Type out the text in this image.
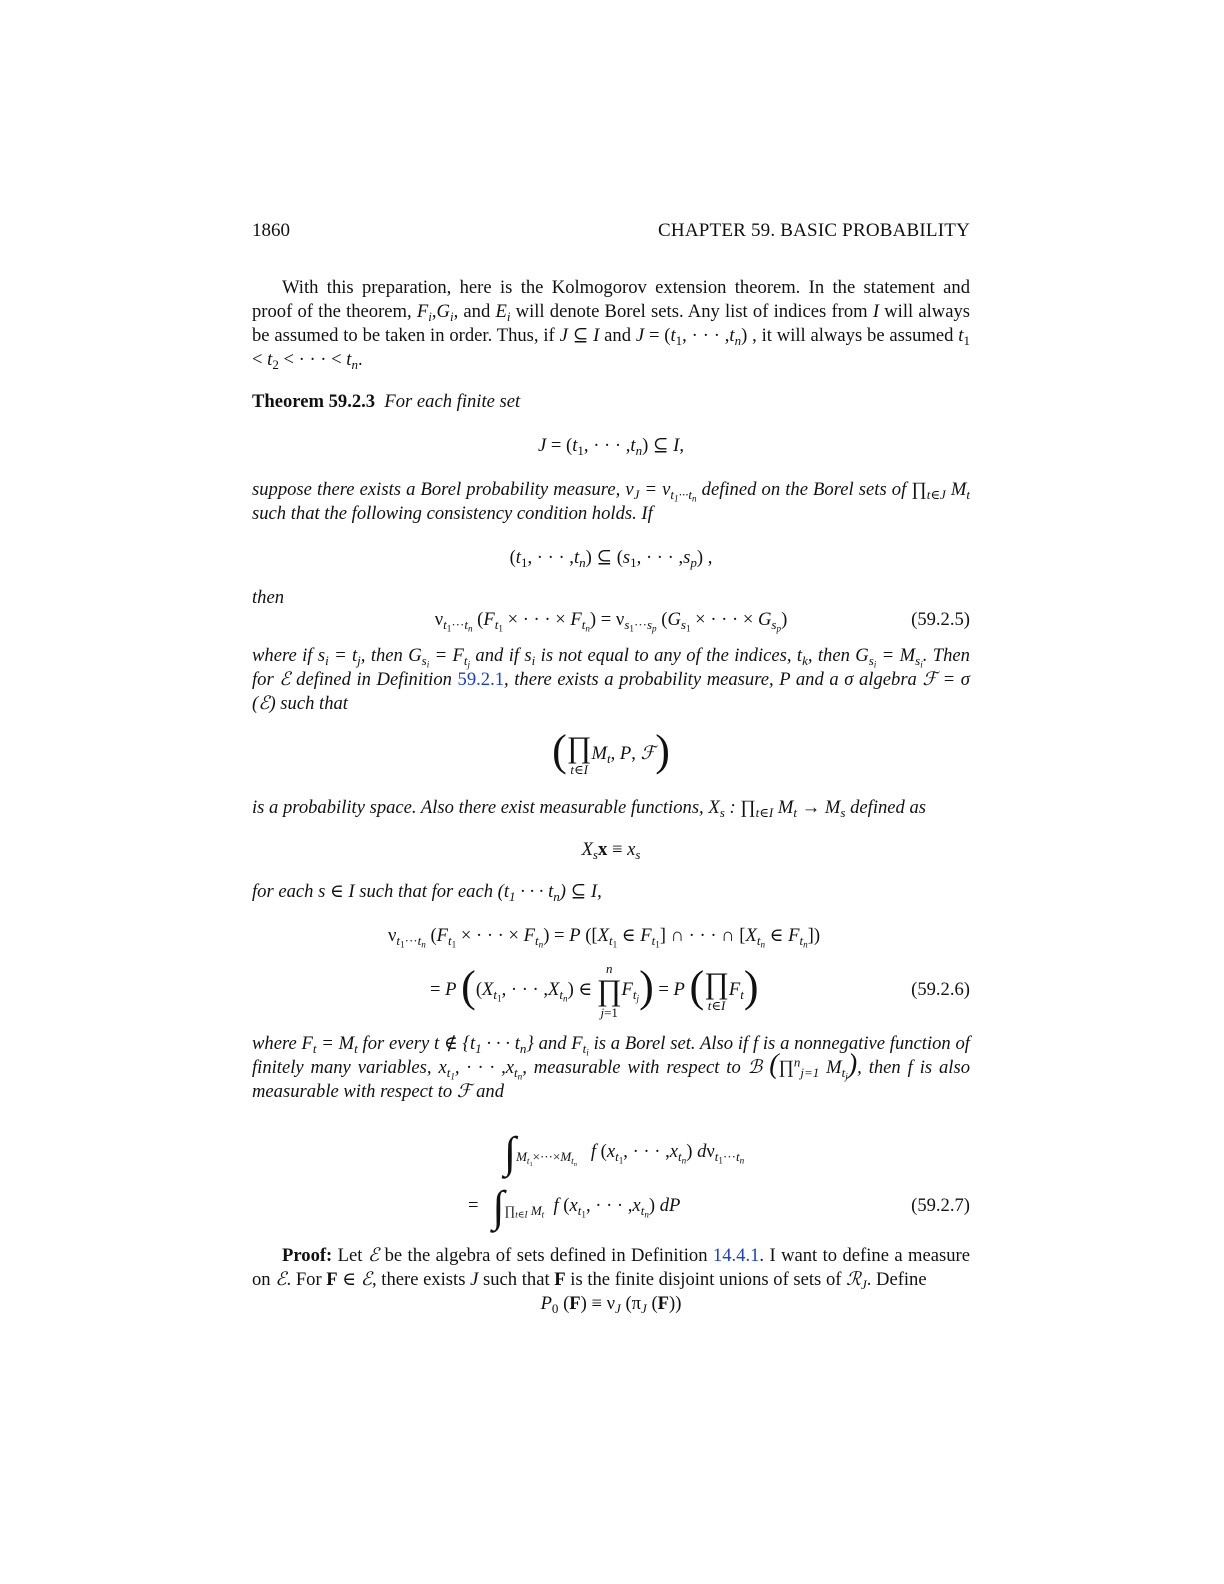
1860	CHAPTER 59. BASIC PROBABILITY

With this preparation, here is the Kolmogorov extension theorem. In the statement and proof of the theorem, $F_i,G_i$, and $E_i$ will denote Borel sets. Any list of indices from I will always be assumed to be taken in order. Thus, if J ⊆ I and $J = (t_1$, · · · $,t_n$) , it will always be assumed $t_1 < t_2$ < · · · < $t_n$.

Theorem 59.2.3 For each finite set

$J = (t_1$, · · · $,t_n$) ⊆ I,

suppose there exists a Borel probability measure, $\nu_J = \nu_{t_1\cdot\cdot\cdot t_n}$ defined on the Borel sets of $\prod_{t\in J}$ $M_t$ such that the following consistency condition holds. If

($t_1$, · · · $,t_n$) ⊆ ($s_1$, · · · $,s_p$) ,

then

$\nu_{t_1\cdot\cdot\cdot t_n}$ ($F_{t_1}$ × · · · × $F_{t_n}) = \nu_{s_1\cdot\cdot\cdot s_p}$ ($G_{s_1}$ × · · · × $G_{s_p}$)	(59.2.5)

where if $s_i = t_j$, then $G_{s_i} = F_{t_j}$ and if $s_i$ is not equal to any of the indices, $t_k$, then $G_{s_i} = M_{s_i}$. Then for ℰ defined in Definition 59.2.1, there exists a probability measure, P and a σ algebra ℱ = σ (ℰ) such that

( ∏
t∈I
$M_t$, P, ℱ)

is a probability space. Also there exist measurable functions, $X_s$ : $\prod_{t\in I}$ $M_t \to M_s$ defined as

$X_sx \equiv x_s$

for each s ∈ I such that for each ($t_1$ · · · $t_n$) ⊆ I,

$\nu_{t_1\cdot\cdot\cdot t_n}$ ($F_{t_1}$ × · · · × $F_{t_n}) = P$ ([$X_{t_1}$ ∈ $F_{t_1}$] ∩ · · · ∩ [$X_{t_n}$ ∈ $F_{t_n}$])
= P (($X_{t_1}$, · · · $,X_{t_n}$) ∈
n
∏
j=1
$F_{t_j}) = P$ ( ∏
t∈I
$F_t$)	(59.2.6)

where $F_t = M_t$ for every t ∉ {$t_1$ · · · $t_n$} and $F_{t_i}$ is a Borel set. Also if f is a nonnegative function of finitely many variables, $x_{t_1}$, · · · $,x_{t_n}$, measurable with respect to ℬ (∏$^n_{j=1}$ $M_{t_j}$), then f is also measurable with respect to ℱ and

$\int_{M_{t_1}\times\cdot\cdot\cdot\times M_{t_n}}$   f ($x_{t_1}$, · · · $,x_{t_n}$) $d\nu_{t_1\cdot\cdot\cdot t_n}$
=   $\int_{\prod_{t\in I} M_t}$ f ($x_{t_1}$, · · · $,x_{t_n}$) dP	(59.2.7)

Proof: Let ℰ be the algebra of sets defined in Definition 14.4.1. I want to define a measure on ℰ. For F ∈ ℰ, there exists J such that F is the finite disjoint unions of sets of ℛ$_J$. Define

$P_0$ $(F) \equiv \nu_J$ ($\pi_J$ (F))
